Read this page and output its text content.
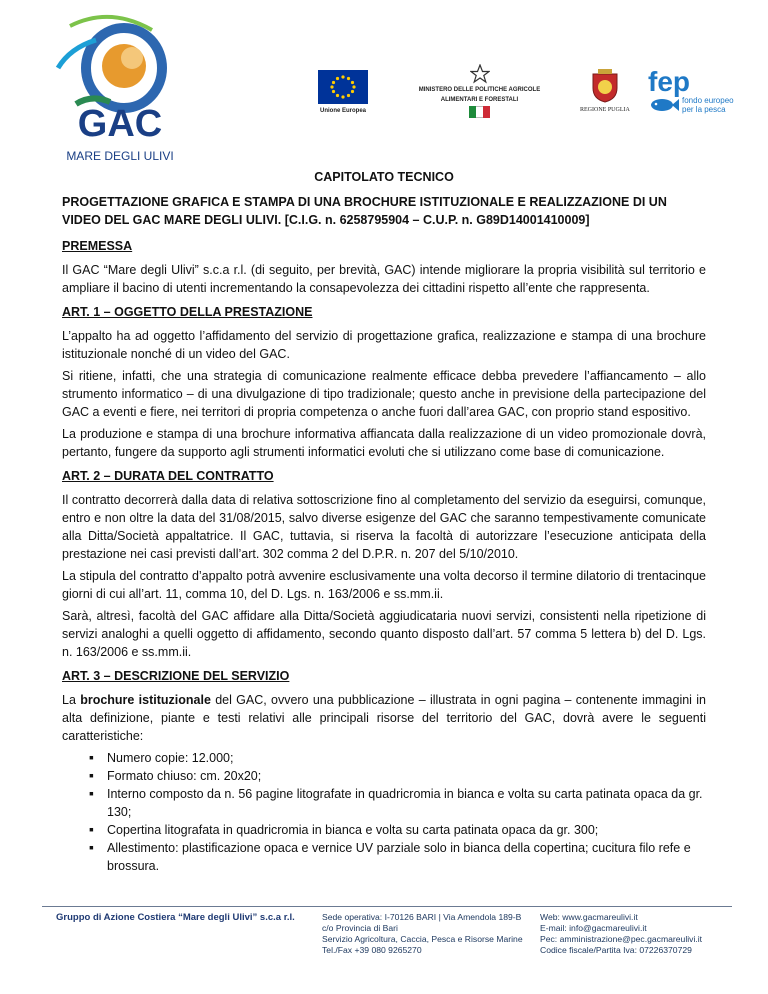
GAC
MARE DEGLI ULIVI
Unione Europea
MINISTERO DELLE POLITICHE AGRICOLE
ALIMENTARI E FORESTALI
REGIONE PUGLIA
fep
fondo europeo
per la pesca
CAPITOLATO TECNICO
PROGETTAZIONE GRAFICA E STAMPA DI UNA BROCHURE ISTITUZIONALE E REALIZZAZIONE DI UN VIDEO DEL GAC MARE DEGLI ULIVI. [C.I.G. n. 6258795904 – C.U.P. n. G89D14001410009]
PREMESSA

Il GAC “Mare degli Ulivi” s.c.a r.l. (di seguito, per brevità, GAC) intende migliorare la propria visibilità sul territorio e ampliare il bacino di utenti incrementando la consapevolezza dei cittadini rispetto all’ente che rappresenta.

ART. 1 – OGGETTO DELLA PRESTAZIONE

L’appalto ha ad oggetto l’affidamento del servizio di progettazione grafica, realizzazione e stampa di una brochure istituzionale nonché di un video del GAC.

Si ritiene, infatti, che una strategia di comunicazione realmente efficace debba prevedere l’affiancamento – allo strumento informatico – di una divulgazione di tipo tradizionale; questo anche in previsione della partecipazione del GAC a eventi e fiere, nei territori di propria competenza o anche fuori dall’area GAC, con proprio stand espositivo.

La produzione e stampa di una brochure informativa affiancata dalla realizzazione di un video promozionale dovrà, pertanto, fungere da supporto agli strumenti informatici evoluti che si utilizzano come base di comunicazione.

ART. 2 – DURATA DEL CONTRATTO

Il contratto decorrerà dalla data di relativa sottoscrizione fino al completamento del servizio da eseguirsi, comunque, entro e non oltre la data del 31/08/2015, salvo diverse esigenze del GAC che saranno tempestivamente comunicate alla Ditta/Società appaltatrice. Il GAC, tuttavia, si riserva la facoltà di autorizzare l’esecuzione anticipata della prestazione nei casi previsti dall’art. 302 comma 2 del D.P.R. n. 207 del 5/10/2010.

La stipula del contratto d’appalto potrà avvenire esclusivamente una volta decorso il termine dilatorio di trentacinque giorni di cui all’art. 11, comma 10, del D. Lgs. n. 163/2006 e ss.mm.ii.

Sarà, altresì, facoltà del GAC affidare alla Ditta/Società aggiudicataria nuovi servizi, consistenti nella ripetizione di servizi analoghi a quelli oggetto di affidamento, secondo quanto disposto dall’art. 57 comma 5 lettera b) del D. Lgs. n. 163/2006 e ss.mm.ii.

ART. 3 – DESCRIZIONE DEL SERVIZIO

La brochure istituzionale del GAC, ovvero una pubblicazione – illustrata in ogni pagina – contenente immagini in alta definizione, piante e testi relativi alle principali risorse del territorio del GAC, dovrà avere le seguenti caratteristiche:

▪ Numero copie: 12.000;
▪ Formato chiuso: cm. 20x20;
▪ Interno composto da n. 56 pagine litografate in quadricromia in bianca e volta su carta patinata opaca da gr. 130;
▪ Copertina litografata in quadricromia in bianca e volta su carta patinata opaca da gr. 300;
▪ Allestimento: plastificazione opaca e vernice UV parziale solo in bianca della copertina; cucitura filo refe e brossura.
Gruppo di Azione Costiera “Mare degli Ulivi” s.c.a r.l.	Sede operativa: I-70126 BARI | Via Amendola 189-B
c/o Provincia di Bari
Servizio Agricoltura, Caccia, Pesca e Risorse Marine
Tel./Fax +39 080 9265270
Web: www.gacmareulivi.it
E-mail: info@gacmareulivi.it
Pec: amministrazione@pec.gacmareulivi.it
Codice fiscale/Partita Iva: 07226370729
